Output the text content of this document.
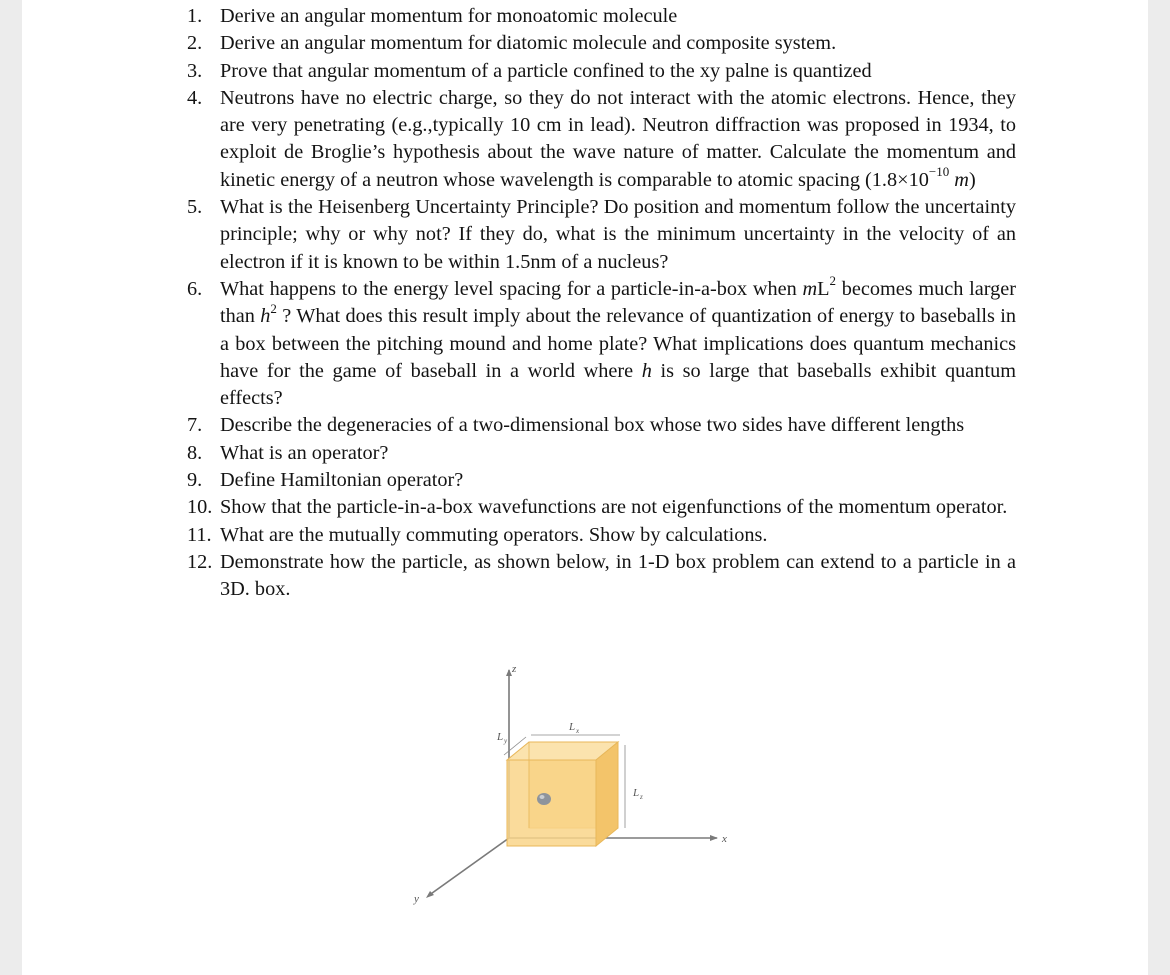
1. Derive an angular momentum for monoatomic molecule
2. Derive an angular momentum for diatomic molecule and composite system.
3. Prove that angular momentum of a particle confined to the xy palne is quantized
4. Neutrons have no electric charge, so they do not interact with the atomic electrons. Hence, they are very penetrating (e.g.,typically 10 cm in lead). Neutron diffraction was proposed in 1934, to exploit de Broglie’s hypothesis about the wave nature of matter. Calculate the momentum and kinetic energy of a neutron whose wavelength is comparable to atomic spacing ($1.8\times 10^{-10}$ m)
5. What is the Heisenberg Uncertainty Principle? Do position and momentum follow the uncertainty principle; why or why not? If they do, what is the minimum uncertainty in the velocity of an electron if it is known to be within 1.5nm of a nucleus?
6. What happens to the energy level spacing for a particle-in-a-box when $mL^2$ becomes much larger than $h^2$ ? What does this result imply about the relevance of quantization of energy to baseballs in a box between the pitching mound and home plate? What implications does quantum mechanics have for the game of baseball in a world where h is so large that baseballs exhibit quantum effects?
7. Describe the degeneracies of a two-dimensional box whose two sides have different lengths
8. What is an operator?
9. Define Hamiltonian operator?
10. Show that the particle-in-a-box wavefunctions are not eigenfunctions of the momentum operator.
11. What are the mutually commuting operators. Show by calculations.
12. Demonstrate how the particle, as shown below, in 1-D box problem can extend to a particle in a 3D. box.
z
x
y
L x
L y
L z
